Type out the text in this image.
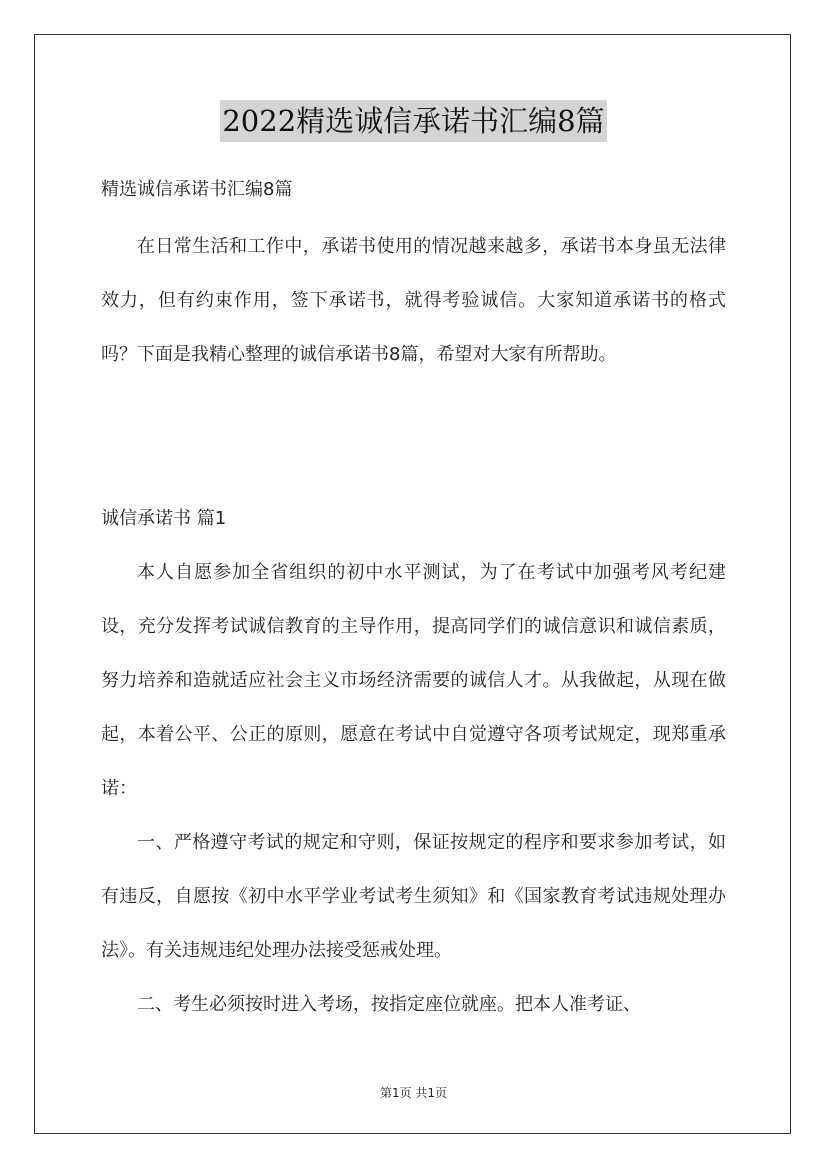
2022精选诚信承诺书汇编8篇

精选诚信承诺书汇编8篇

在日常生活和工作中，承诺书使用的情况越来越多，承诺书本身虽无法律效力，但有约束作用，签下承诺书，就得考验诚信。大家知道承诺书的格式吗？下面是我精心整理的诚信承诺书8篇，希望对大家有所帮助。

诚信承诺书 篇1

本人自愿参加全省组织的初中水平测试，为了在考试中加强考风考纪建设，充分发挥考试诚信教育的主导作用，提高同学们的诚信意识和诚信素质，努力培养和造就适应社会主义市场经济需要的诚信人才。从我做起，从现在做起，本着公平、公正的原则，愿意在考试中自觉遵守各项考试规定，现郑重承诺：

一、严格遵守考试的规定和守则，保证按规定的程序和要求参加考试，如有违反，自愿按《初中水平学业考试考生须知》和《国家教育考试违规处理办法》。有关违规违纪处理办法接受惩戒处理。

二、考生必须按时进入考场，按指定座位就座。把本人准考证、

第1页 共1页
